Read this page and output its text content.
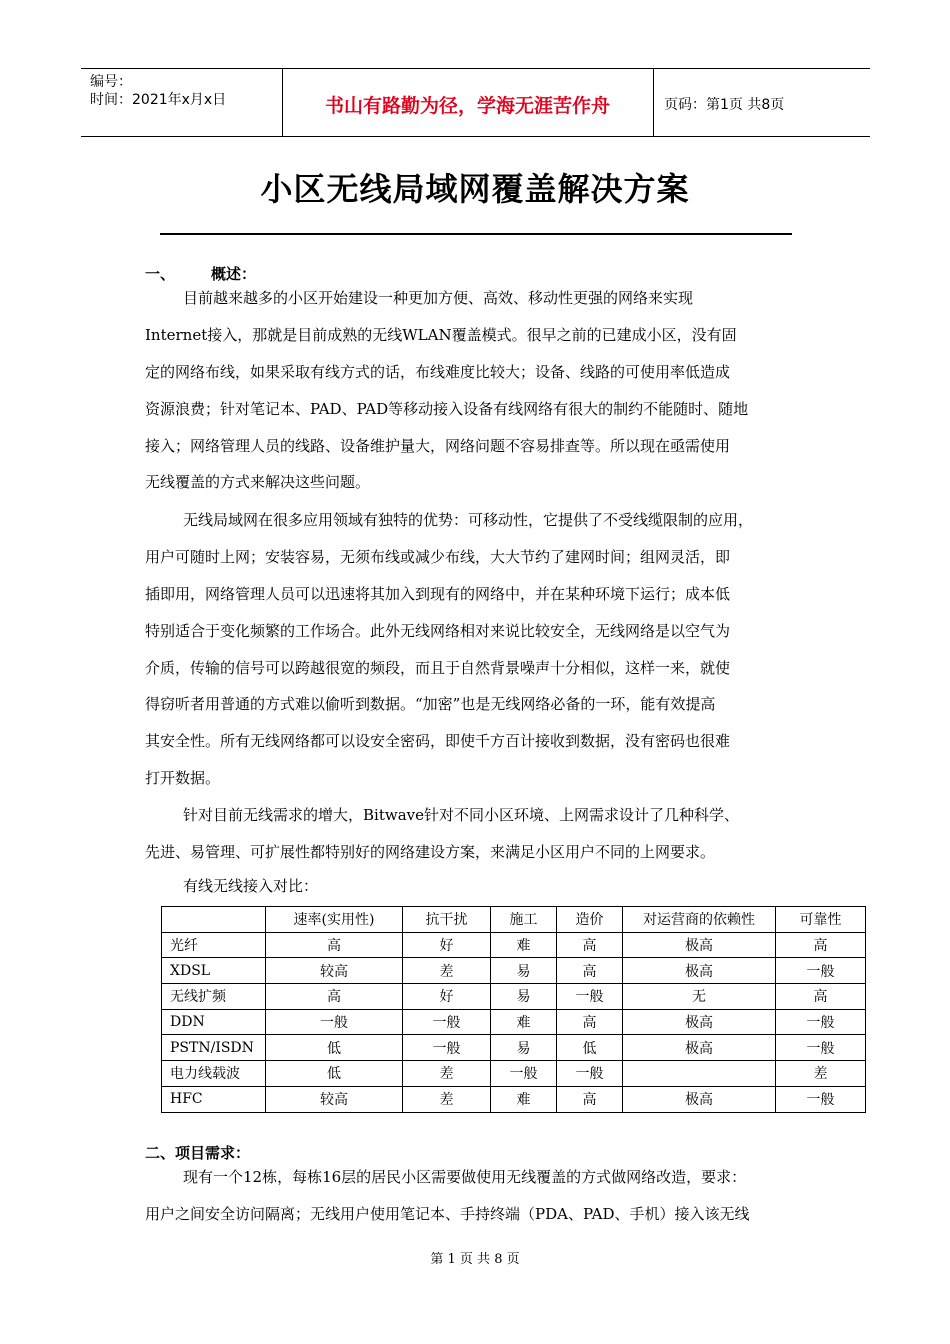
编号：
时间：2021年x月x日	书山有路勤为径，学海无涯苦作舟	页码：第1页 共8页
小区无线局域网覆盖解决方案
一、 概述：
目前越来越多的小区开始建设一种更加方便、高效、移动性更强的网络来实现
Internet接入，那就是目前成熟的无线WLAN覆盖模式。很早之前的已建成小区，没有固
定的网络布线，如果采取有线方式的话，布线难度比较大；设备、线路的可使用率低造成
资源浪费；针对笔记本、PAD、PAD等移动接入设备有线网络有很大的制约不能随时、随地
接入；网络管理人员的线路、设备维护量大，网络问题不容易排查等。所以现在亟需使用
无线覆盖的方式来解决这些问题。
无线局域网在很多应用领域有独特的优势：可移动性，它提供了不受线缆限制的应用，
用户可随时上网；安装容易，无须布线或减少布线，大大节约了建网时间；组网灵活，即
插即用，网络管理人员可以迅速将其加入到现有的网络中，并在某种环境下运行；成本低
特别适合于变化频繁的工作场合。此外无线网络相对来说比较安全，无线网络是以空气为
介质，传输的信号可以跨越很宽的频段，而且于自然背景噪声十分相似，这样一来，就使
得窃听者用普通的方式难以偷听到数据。“加密”也是无线网络必备的一环，能有效提高
其安全性。所有无线网络都可以设安全密码，即使千方百计接收到数据，没有密码也很难
打开数据。
针对目前无线需求的增大，Bitwave针对不同小区环境、上网需求设计了几种科学、
先进、易管理、可扩展性都特别好的网络建设方案，来满足小区用户不同的上网要求。
有线无线接入对比：
	速率(实用性)	抗干扰	施工	造价	对运营商的依赖性	可靠性
光纤	高	好	难	高	极高	高
XDSL	较高	差	易	高	极高	一般
无线扩频	高	好	易	一般	无	高
DDN	一般	一般	难	高	极高	一般
PSTN/ISDN	低	一般	易	低	极高	一般
电力线载波	低	差	一般	一般		差
HFC	较高	差	难	高	极高	一般
二、项目需求：
现有一个12栋，每栋16层的居民小区需要做使用无线覆盖的方式做网络改造，要求：
用户之间安全访问隔离；无线用户使用笔记本、手持终端（PDA、PAD、手机）接入该无线
第 1 页 共 8 页
